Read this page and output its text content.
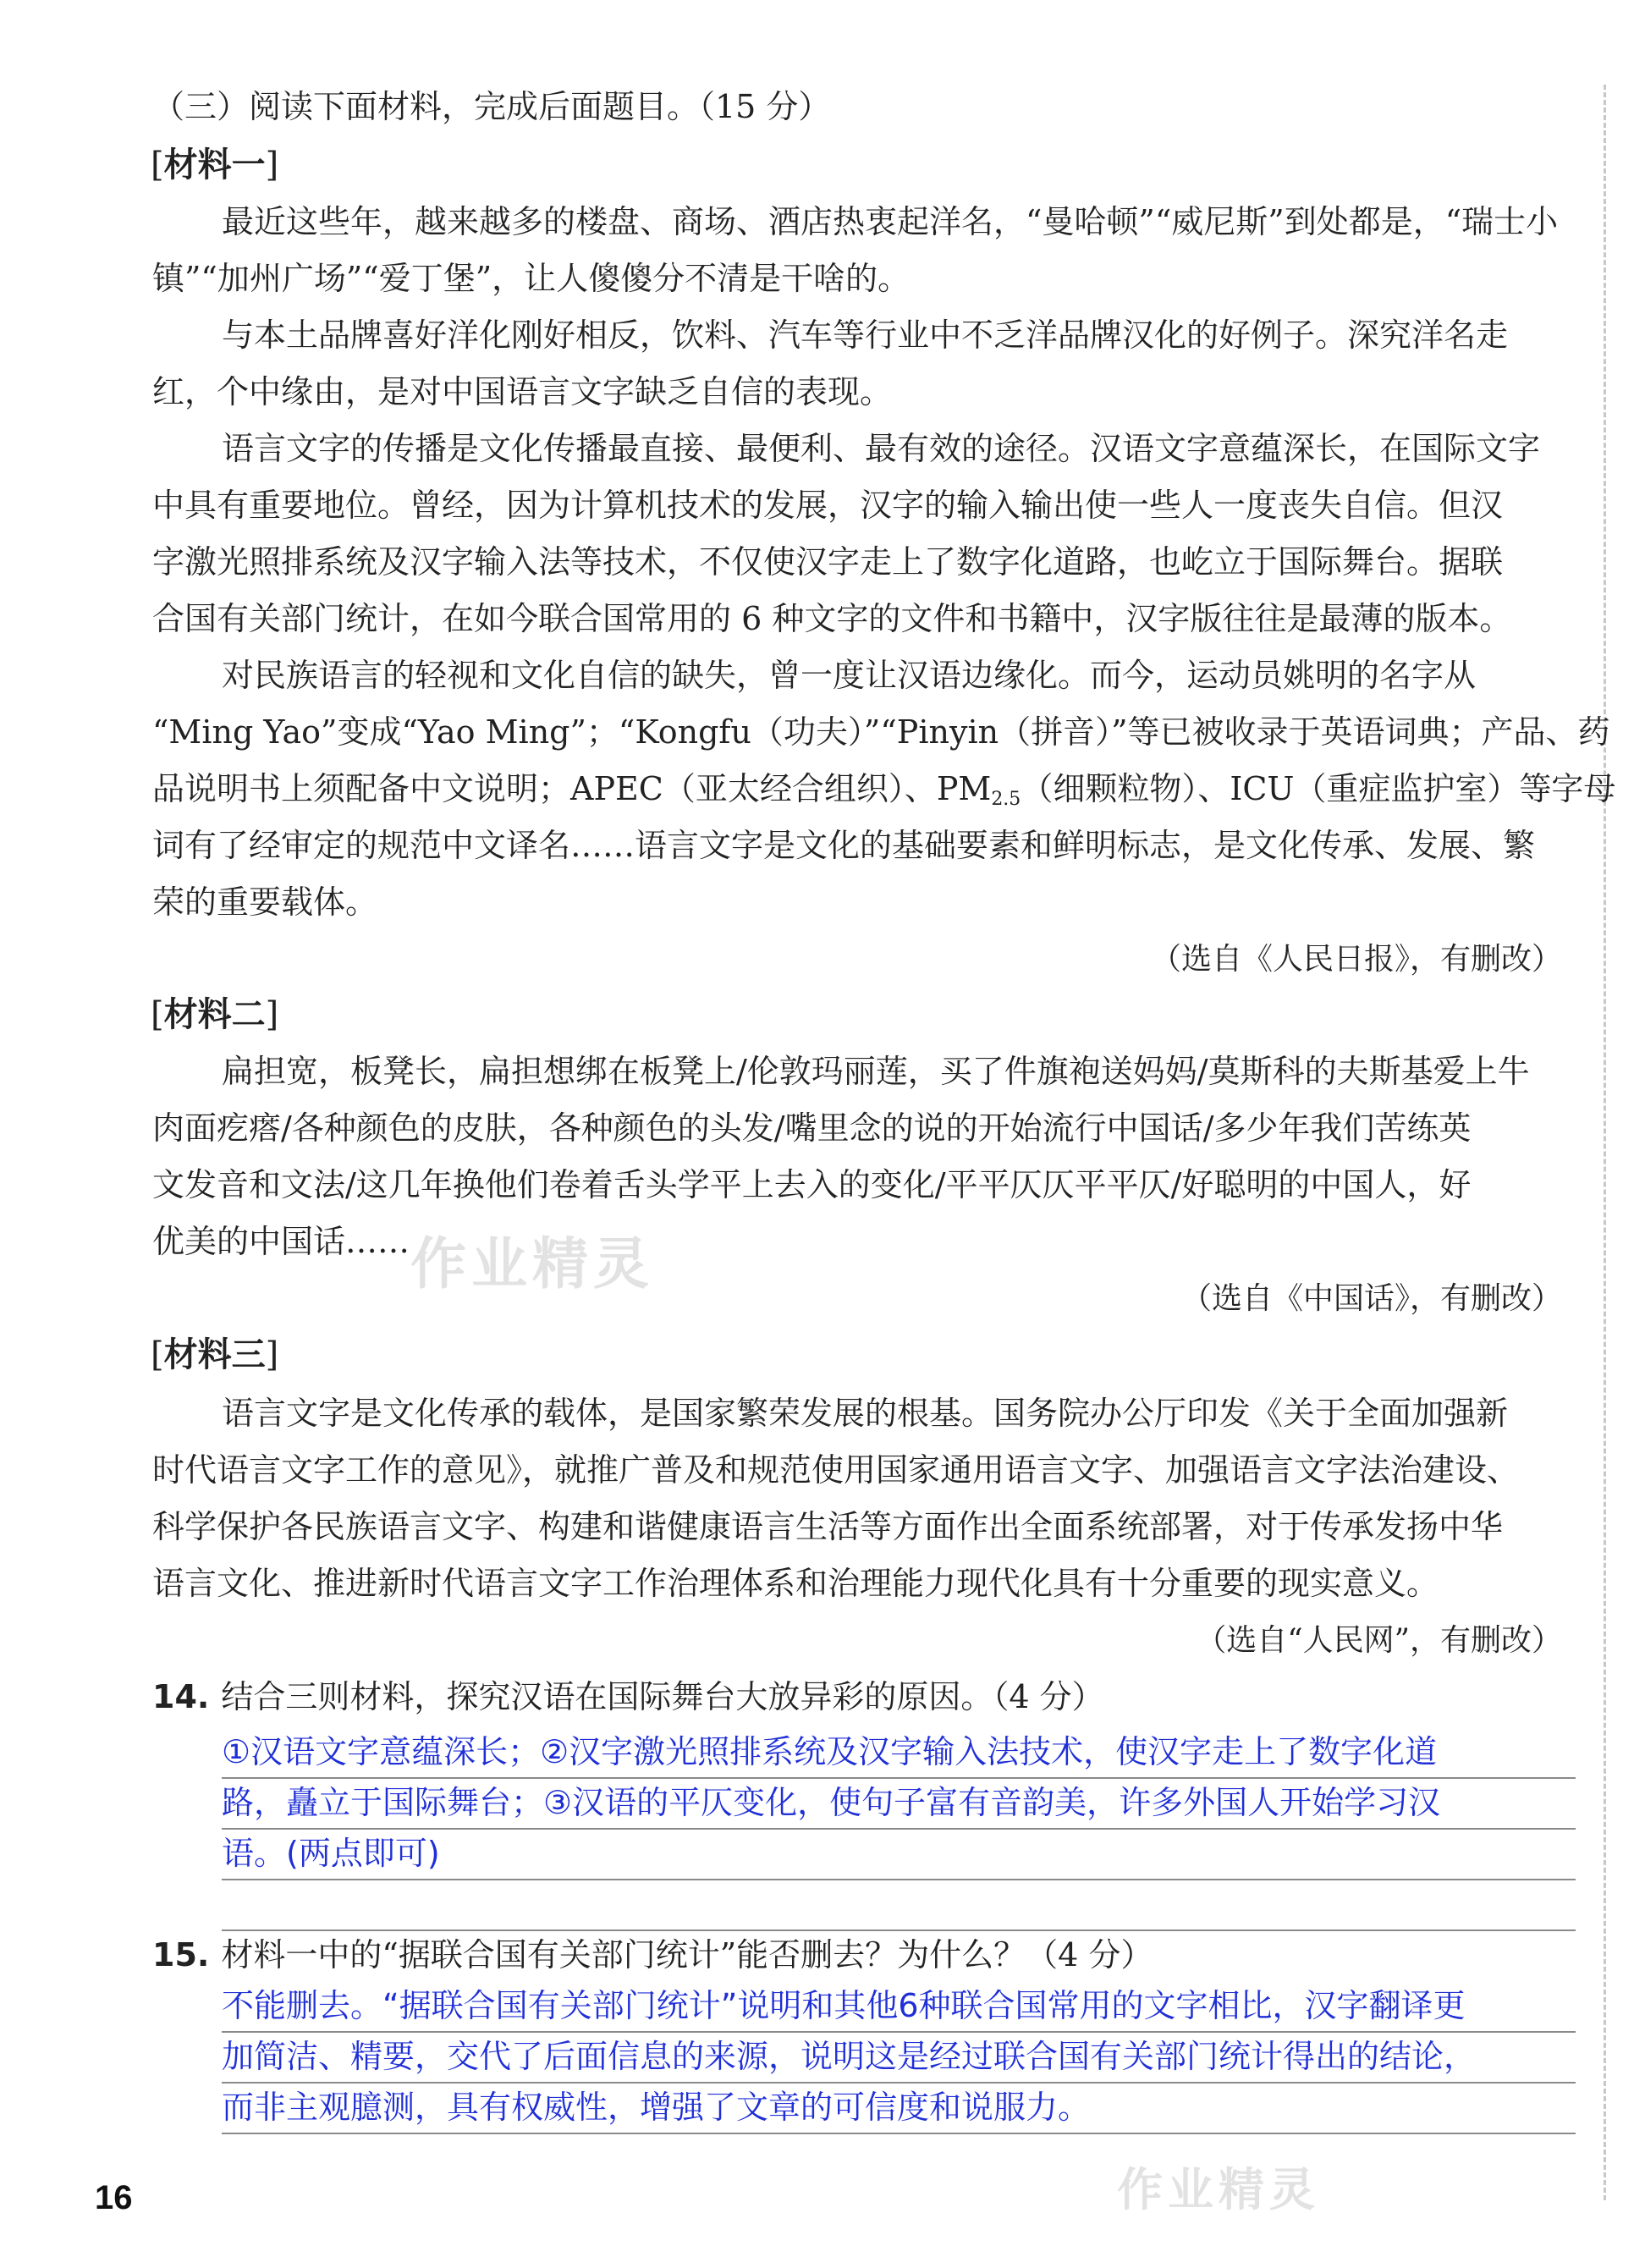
（三）阅读下面材料，完成后面题目。（15 分）
[材料一]
最近这些年，越来越多的楼盘、商场、酒店热衷起洋名，“曼哈顿”“威尼斯”到处都是，“瑞士小
镇”“加州广场”“爱丁堡”，让人傻傻分不清是干啥的。
与本土品牌喜好洋化刚好相反，饮料、汽车等行业中不乏洋品牌汉化的好例子。深究洋名走
红，个中缘由，是对中国语言文字缺乏自信的表现。
语言文字的传播是文化传播最直接、最便利、最有效的途径。汉语文字意蕴深长，在国际文字
中具有重要地位。曾经，因为计算机技术的发展，汉字的输入输出使一些人一度丧失自信。但汉
字激光照排系统及汉字输入法等技术，不仅使汉字走上了数字化道路，也屹立于国际舞台。据联
合国有关部门统计，在如今联合国常用的 6 种文字的文件和书籍中，汉字版往往是最薄的版本。
对民族语言的轻视和文化自信的缺失，曾一度让汉语边缘化。而今，运动员姚明的名字从
“Ming Yao”变成“Yao Ming”；“Kongfu（功夫）”“Pinyin（拼音）”等已被收录于英语词典；产品、药
品说明书上须配备中文说明；APEC（亚太经合组织）、$PM_{2.5}$（细颗粒物）、ICU（重症监护室）等字母
词有了经审定的规范中文译名……语言文字是文化的基础要素和鲜明标志，是文化传承、发展、繁
荣的重要载体。
（选自《人民日报》，有删改）
[材料二]
扁担宽，板凳长，扁担想绑在板凳上/伦敦玛丽莲，买了件旗袍送妈妈/莫斯科的夫斯基爱上牛
肉面疙瘩/各种颜色的皮肤，各种颜色的头发/嘴里念的说的开始流行中国话/多少年我们苦练英
文发音和文法/这几年换他们卷着舌头学平上去入的变化/平平仄仄平平仄/好聪明的中国人，好
优美的中国话…… 作业精灵
（选自《中国话》，有删改）
[材料三]
语言文字是文化传承的载体，是国家繁荣发展的根基。国务院办公厅印发《关于全面加强新
时代语言文字工作的意见》，就推广普及和规范使用国家通用语言文字、加强语言文字法治建设、
科学保护各民族语言文字、构建和谐健康语言生活等方面作出全面系统部署，对于传承发扬中华
语言文化、推进新时代语言文字工作治理体系和治理能力现代化具有十分重要的现实意义。
（选自“人民网”，有删改）
14. 结合三则材料，探究汉语在国际舞台大放异彩的原因。（4 分）
①汉语文字意蕴深长；②汉字激光照排系统及汉字输入法技术，使汉字走上了数字化道
路，矗立于国际舞台；③汉语的平仄变化，使句子富有音韵美，许多外国人开始学习汉
语。(两点即可)
15. 材料一中的“据联合国有关部门统计”能否删去？为什么？（4 分）
不能删去。“据联合国有关部门统计”说明和其他6种联合国常用的文字相比，汉字翻译更
加简洁、精要，交代了后面信息的来源，说明这是经过联合国有关部门统计得出的结论，
而非主观臆测，具有权威性，增强了文章的可信度和说服力。
作业精灵
16
